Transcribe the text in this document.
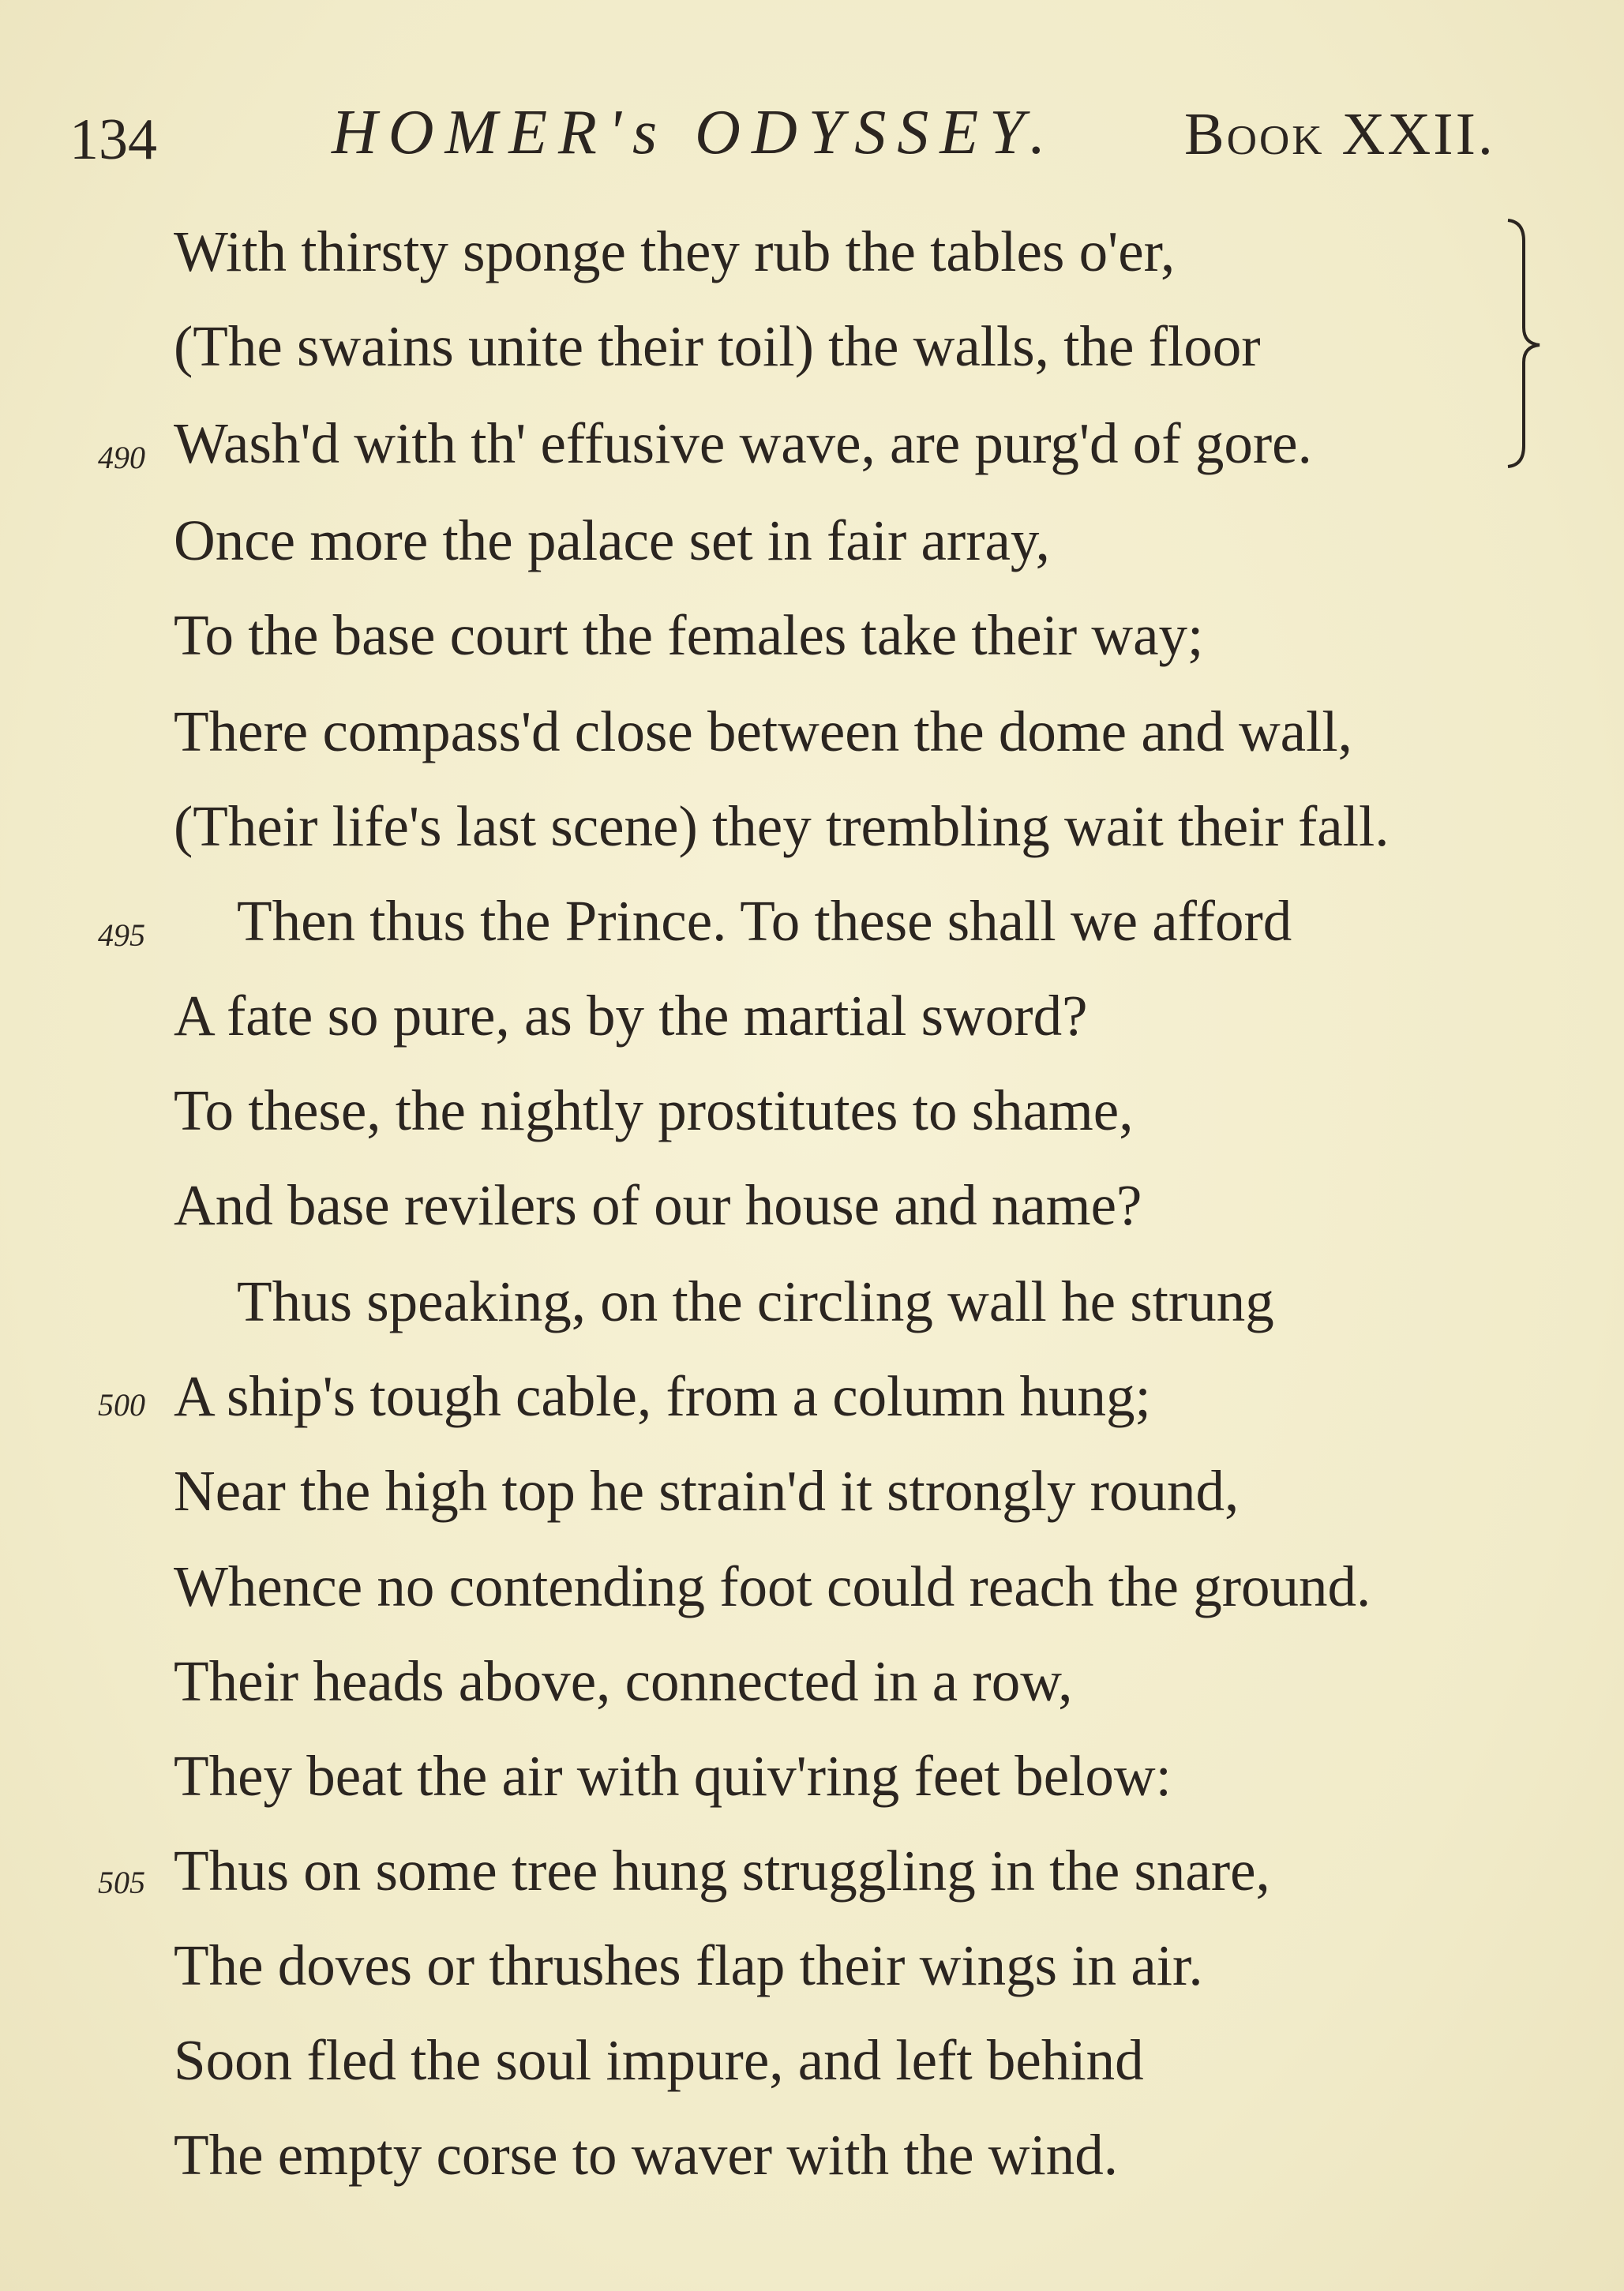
134	HOMER's ODYSSEY. Book XXII.
With thirsty sponge they rub the tables o'er,
(The swains unite their toil) the walls, the floor
490 Wash'd with th' effusive wave, are purg'd of gore.
Once more the palace set in fair array,
To the base court the females take their way;
There compass'd close between the dome and wall,
(Their life's last scene) they trembling wait their fall.
495 Then thus the Prince. To these shall we afford
A fate so pure, as by the martial sword?
To these, the nightly prostitutes to shame,
And base revilers of our house and name?
Thus speaking, on the circling wall he strung
500 A ship's tough cable, from a column hung;
Near the high top he strain'd it strongly round,
Whence no contending foot could reach the ground.
Their heads above, connected in a row,
They beat the air with quiv'ring feet below:
505 Thus on some tree hung struggling in the snare,
The doves or thrushes flap their wings in air.
Soon fled the soul impure, and left behind
The empty corse to waver with the wind.
